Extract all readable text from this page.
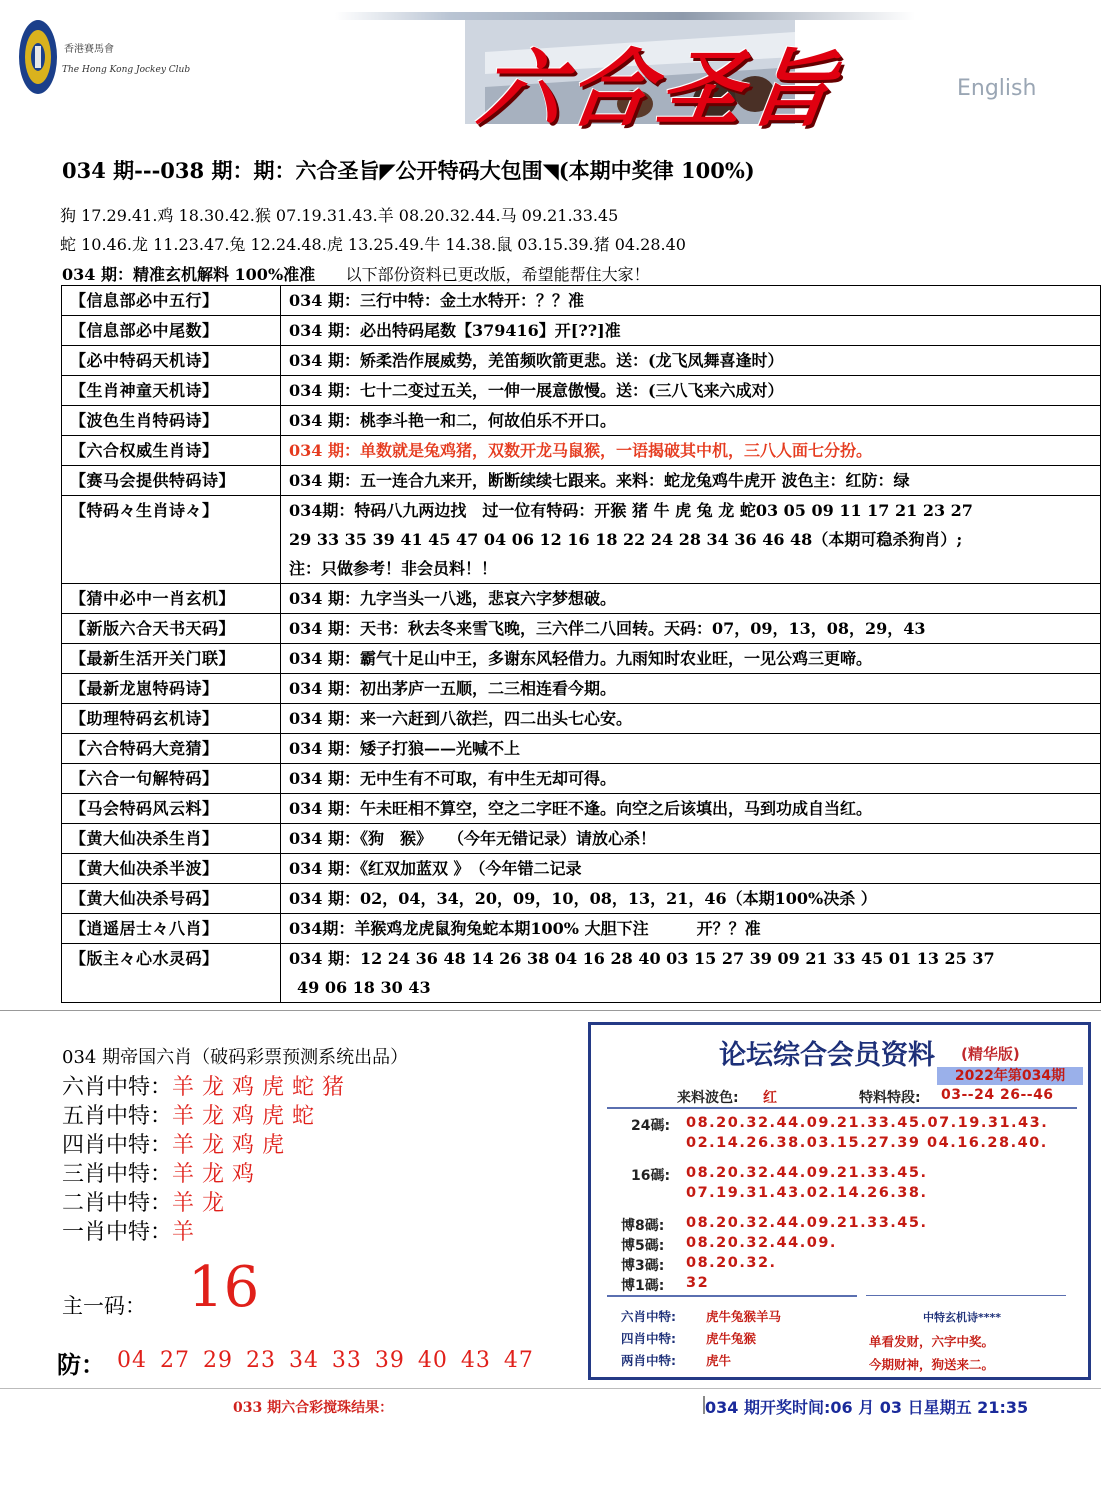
香港賽馬會
The Hong Kong Jockey Club	六合圣旨	English
034 期---038 期：期：六合圣旨◤公开特码大包围◥(本期中奖律 100%)
狗 17.29.41.鸡 18.30.42.猴 07.19.31.43.羊 08.20.32.44.马 09.21.33.45
蛇 10.46.龙 11.23.47.兔 12.24.48.虎 13.25.49.牛 14.38.鼠 03.15.39.猪 04.28.40
034 期：精准玄机解料 100%准准 以下部份资料已更改版，希望能帮住大家！
【信息部必中五行】	034 期：三行中特：金土水特开：？？准
【信息部必中尾数】	034 期：必出特码尾数【379416】开[??]准
【必中特码天机诗】	034 期：矫柔浩作展威势，羌笛频吹箭更悲。送：(龙飞凤舞喜逢时）
【生肖神童天机诗】	034 期：七十二变过五关，一伸一展意傲慢。送：(三八飞来六成对）
【波色生肖特码诗】	034 期：桃李斗艳一和二，何故伯乐不开口。
【六合权威生肖诗】	034 期：单数就是兔鸡猪，双数开龙马鼠猴，一语揭破其中机，三八人面七分扮。
【赛马会提供特码诗】	034 期：五一连合九来开，断断续续七跟来。来料：蛇龙兔鸡牛虎开 波色主：红防：绿
【特码々生肖诗々】	034期：特码八九两边找　过一位有特码：开猴 猪 牛 虎 兔 龙 蛇03 05 09 11 17 21 23 27
29 33 35 39 41 45 47 04 06 12 16 18 22 24 28 34 36 46 48（本期可稳杀狗肖）;
注：只做参考！非会员料！！

【猜中必中一肖玄机】	034 期：九字当头一八逃，悲哀六字梦想破。
【新版六合天书天码】	034 期：天书：秋去冬来雪飞晚，三六伴二八回转。天码：07，09，13，08，29，43
【最新生活开关门联】	034 期：霸气十足山中王，多谢东风轻借力。九雨知时农业旺，一见公鸡三更啼。
【最新龙崽特码诗】	034 期：初出茅庐一五顺，二三相连看今期。
【助理特码玄机诗】	034 期：来一六赶到八欲拦，四二出头七心安。
【六合特码大竞猜】	034 期：矮子打狼——光喊不上
【六合一句解特码】	034 期：无中生有不可取，有中生无却可得。
【马会特码风云料】	034 期：午未旺相不算空，空之二字旺不逢。向空之后该填出，马到功成自当红。
【黄大仙决杀生肖】	034 期：《狗　猴》　　（今年无错记录）请放心杀！
【黄大仙决杀半波】	034 期：《红双加蓝双 》　（今年错二记录
【黄大仙决杀号码】	034 期：02，04，34，20，09，10，08，13，21，46（本期100%决杀 ）
【逍遥居士々八肖】	034期：羊猴鸡龙虎鼠狗兔蛇本期100% 大胆下注　　　开？？准
【版主々心水灵码】	034 期：12 24 36 48 14 26 38 04 16 28 40 03 15 27 39 09 21 33 45 01 13 25 37
49 06 18 30 43
034 期帝国六肖（破码彩票预测系统出品）
六肖中特：羊龙鸡虎蛇猪
五肖中特：羊龙鸡虎蛇
四肖中特：羊龙鸡虎
三肖中特：羊龙鸡
二肖中特：羊龙
一肖中特：羊
主一码： 16
防： 04 27 29 23 34 33 39 40 43 47
论坛综合会员资料 (精华版)
2022年第034期
来料波色: 红	特料特段: 03--24 26--46
24碼: 08.20.32.44.09.21.33.45.07.19.31.43.
02.14.26.38.03.15.27.39 04.16.28.40.
16碼: 08.20.32.44.09.21.33.45.
07.19.31.43.02.14.26.38.
博8碼: 08.20.32.44.09.21.33.45.
博5碼: 08.20.32.44.09.
博3碼: 08.20.32.
博1碼: 32
六肖中特: 虎牛兔猴羊马
四肖中特: 虎牛兔猴
两肖中特: 虎牛
中特玄机诗****
单看发财，六字中奖。
今期财神，狗送来二。
033 期六合彩搅珠结果：	034 期开奖时间:06 月 03 日星期五 21:35
